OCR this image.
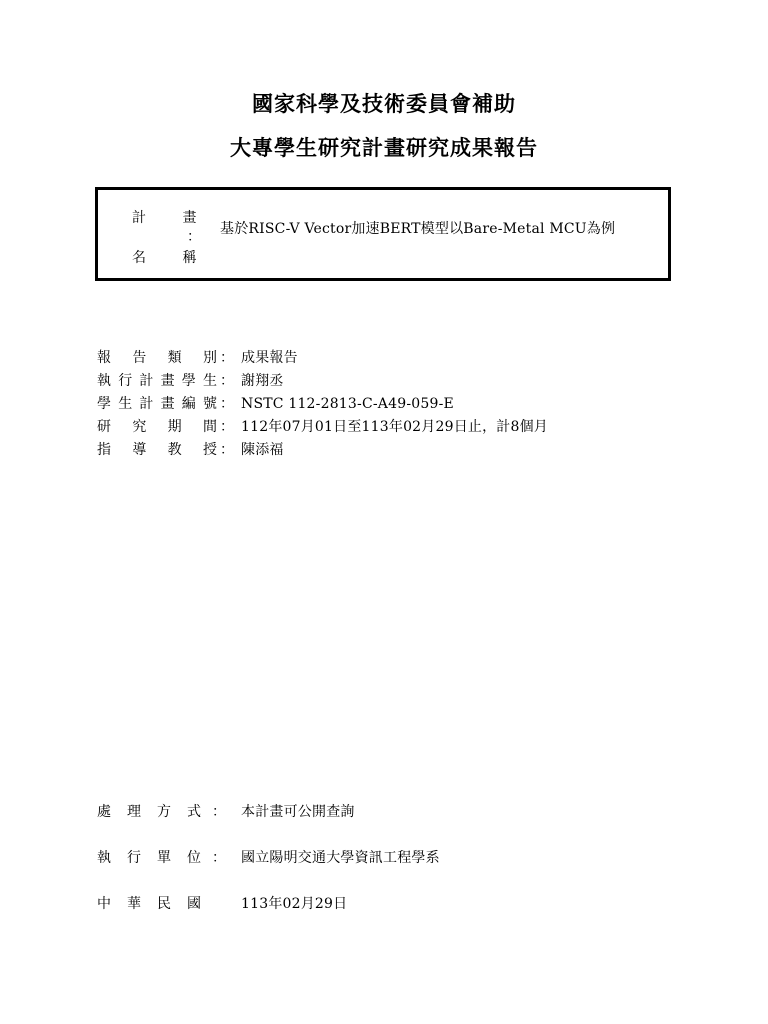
國家科學及技術委員會補助
大專學生研究計畫研究成果報告
計 畫
：
名 稱
基於RISC-V Vector加速BERT模型以Bare-Metal MCU為例
報 告 類 別 ： 成果報告
執 行 計 畫 學 生 ： 謝翔丞
學 生 計 畫 編 號 ： NSTC 112-2813-C-A49-059-E
研 究 期 間 ： 112年07月01日至113年02月29日止，計8個月
指 導 教 授 ： 陳添福
處 理 方 式 ：	本計畫可公開查詢
執 行 單 位 ：	國立陽明交通大學資訊工程學系
中 華 民 國	113年02月29日
